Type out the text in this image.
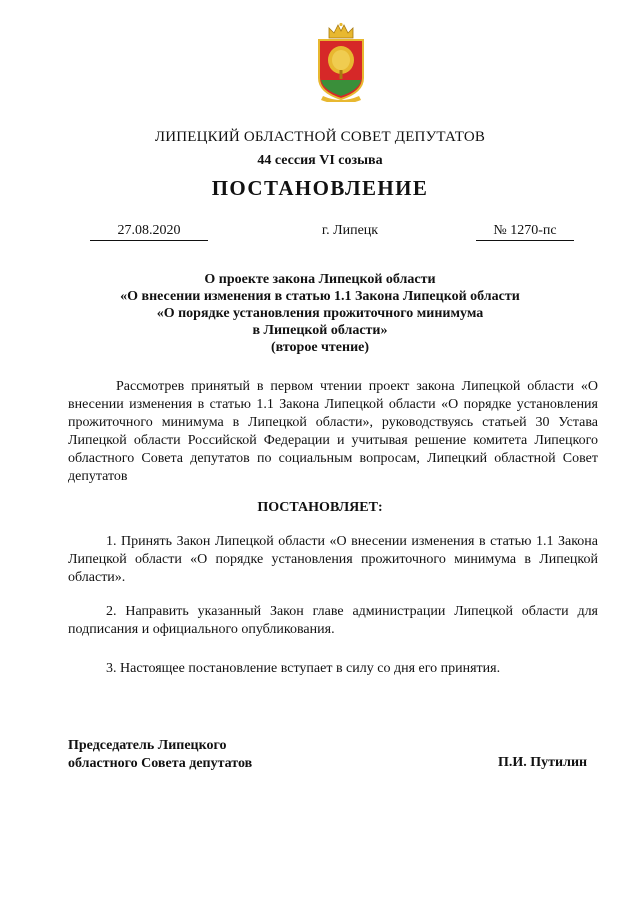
ЛИПЕЦКИЙ ОБЛАСТНОЙ СОВЕТ ДЕПУТАТОВ
44 сессия VI созыва
ПОСТАНОВЛЕНИЕ
27.08.2020	г. Липецк	№ 1270-пс
О проекте закона Липецкой области
«О внесении изменения в статью 1.1 Закона Липецкой области
«О порядке установления прожиточного минимума
в Липецкой области»
(второе чтение)
Рассмотрев принятый в первом чтении проект закона Липецкой области «О внесении изменения в статью 1.1 Закона Липецкой области «О порядке установления прожиточного минимума в Липецкой области», руководствуясь статьей 30 Устава Липецкой области Российской Федерации и учитывая решение комитета Липецкого областного Совета депутатов по социальным вопросам, Липецкий областной Совет депутатов
ПОСТАНОВЛЯЕТ:
1. Принять Закон Липецкой области «О внесении изменения в статью 1.1 Закона Липецкой области «О порядке установления прожиточного минимума в Липецкой области».
2. Направить указанный Закон главе администрации Липецкой области для подписания и официального опубликования.
3. Настоящее постановление вступает в силу со дня его принятия.
Председатель Липецкого
областного Совета депутатов	П.И. Путилин
